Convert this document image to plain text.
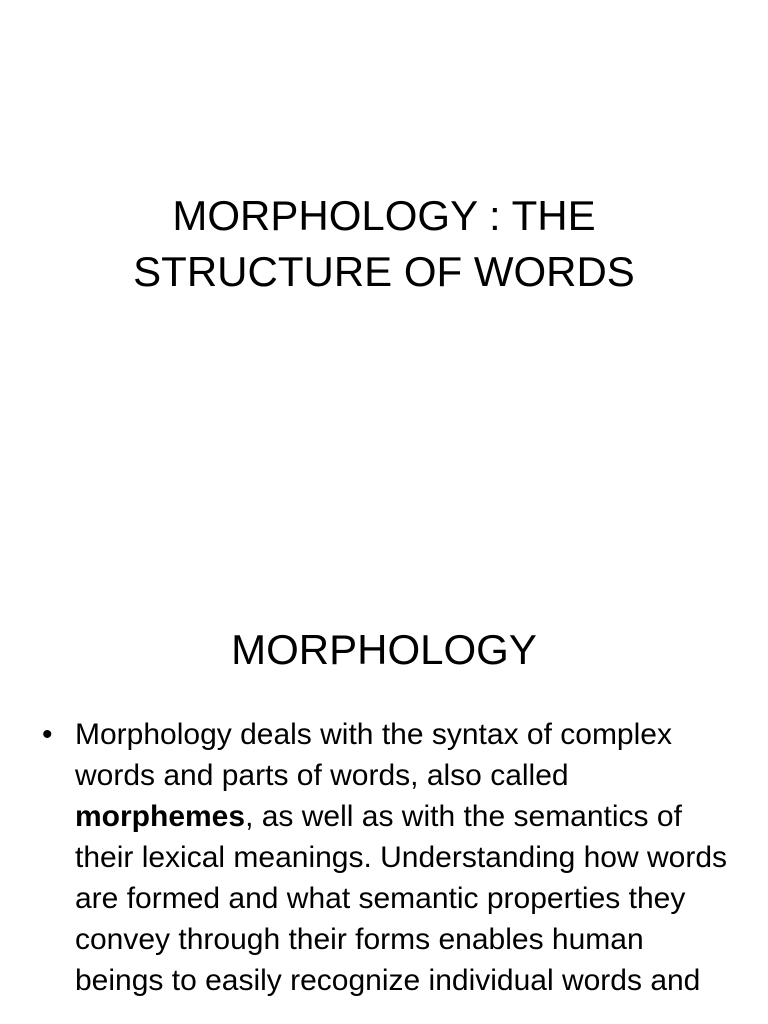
MORPHOLOGY : THE
STRUCTURE OF WORDS
MORPHOLOGY
• Morphology deals with the syntax of complex words and parts of words, also called morphemes, as well as with the semantics of their lexical meanings. Understanding how words are formed and what semantic properties they convey through their forms enables human beings to easily recognize individual words and
